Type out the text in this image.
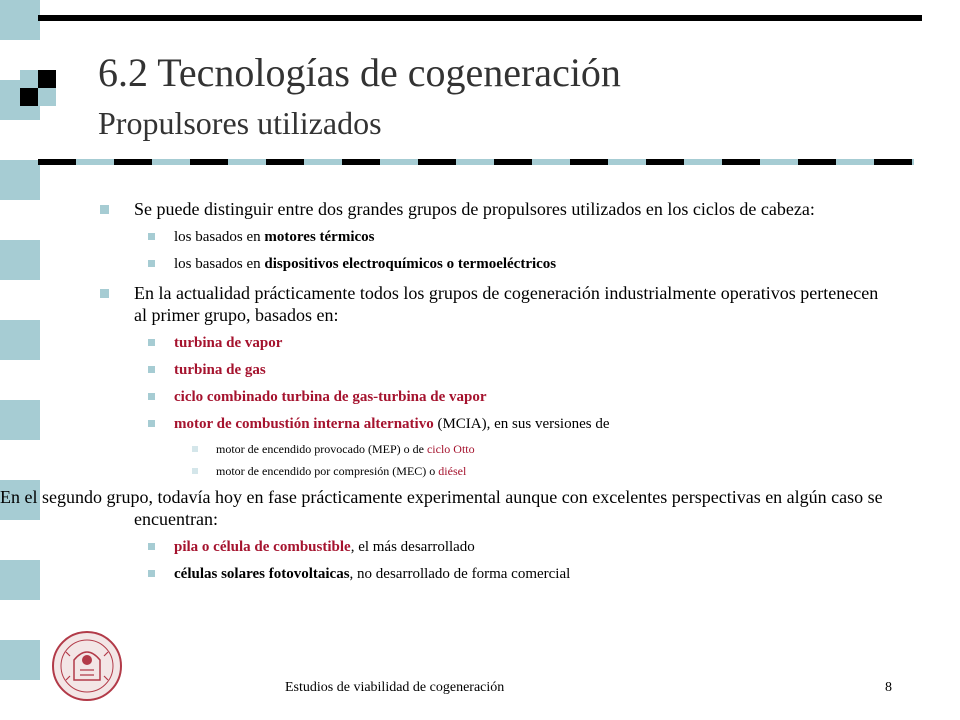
6.2 Tecnologías de cogeneración
Propulsores utilizados
Se puede distinguir entre dos grandes grupos de propulsores utilizados en los ciclos de cabeza:
los basados en motores térmicos
los basados en dispositivos electroquímicos o termoeléctricos
En la actualidad prácticamente todos los grupos de cogeneración industrialmente operativos pertenecen al primer grupo, basados en:
turbina de vapor
turbina de gas
ciclo combinado turbina de gas-turbina de vapor
motor de combustión interna alternativo (MCIA), en sus versiones de
motor de encendido provocado (MEP) o de ciclo Otto
motor de encendido por compresión (MEC) o diésel
En el segundo grupo, todavía hoy en fase prácticamente experimental aunque con excelentes perspectivas en algún caso se encuentran:
pila o célula de combustible, el más desarrollado
células solares fotovoltaicas, no desarrollado de forma comercial
Estudios de viabilidad de cogeneración	8
